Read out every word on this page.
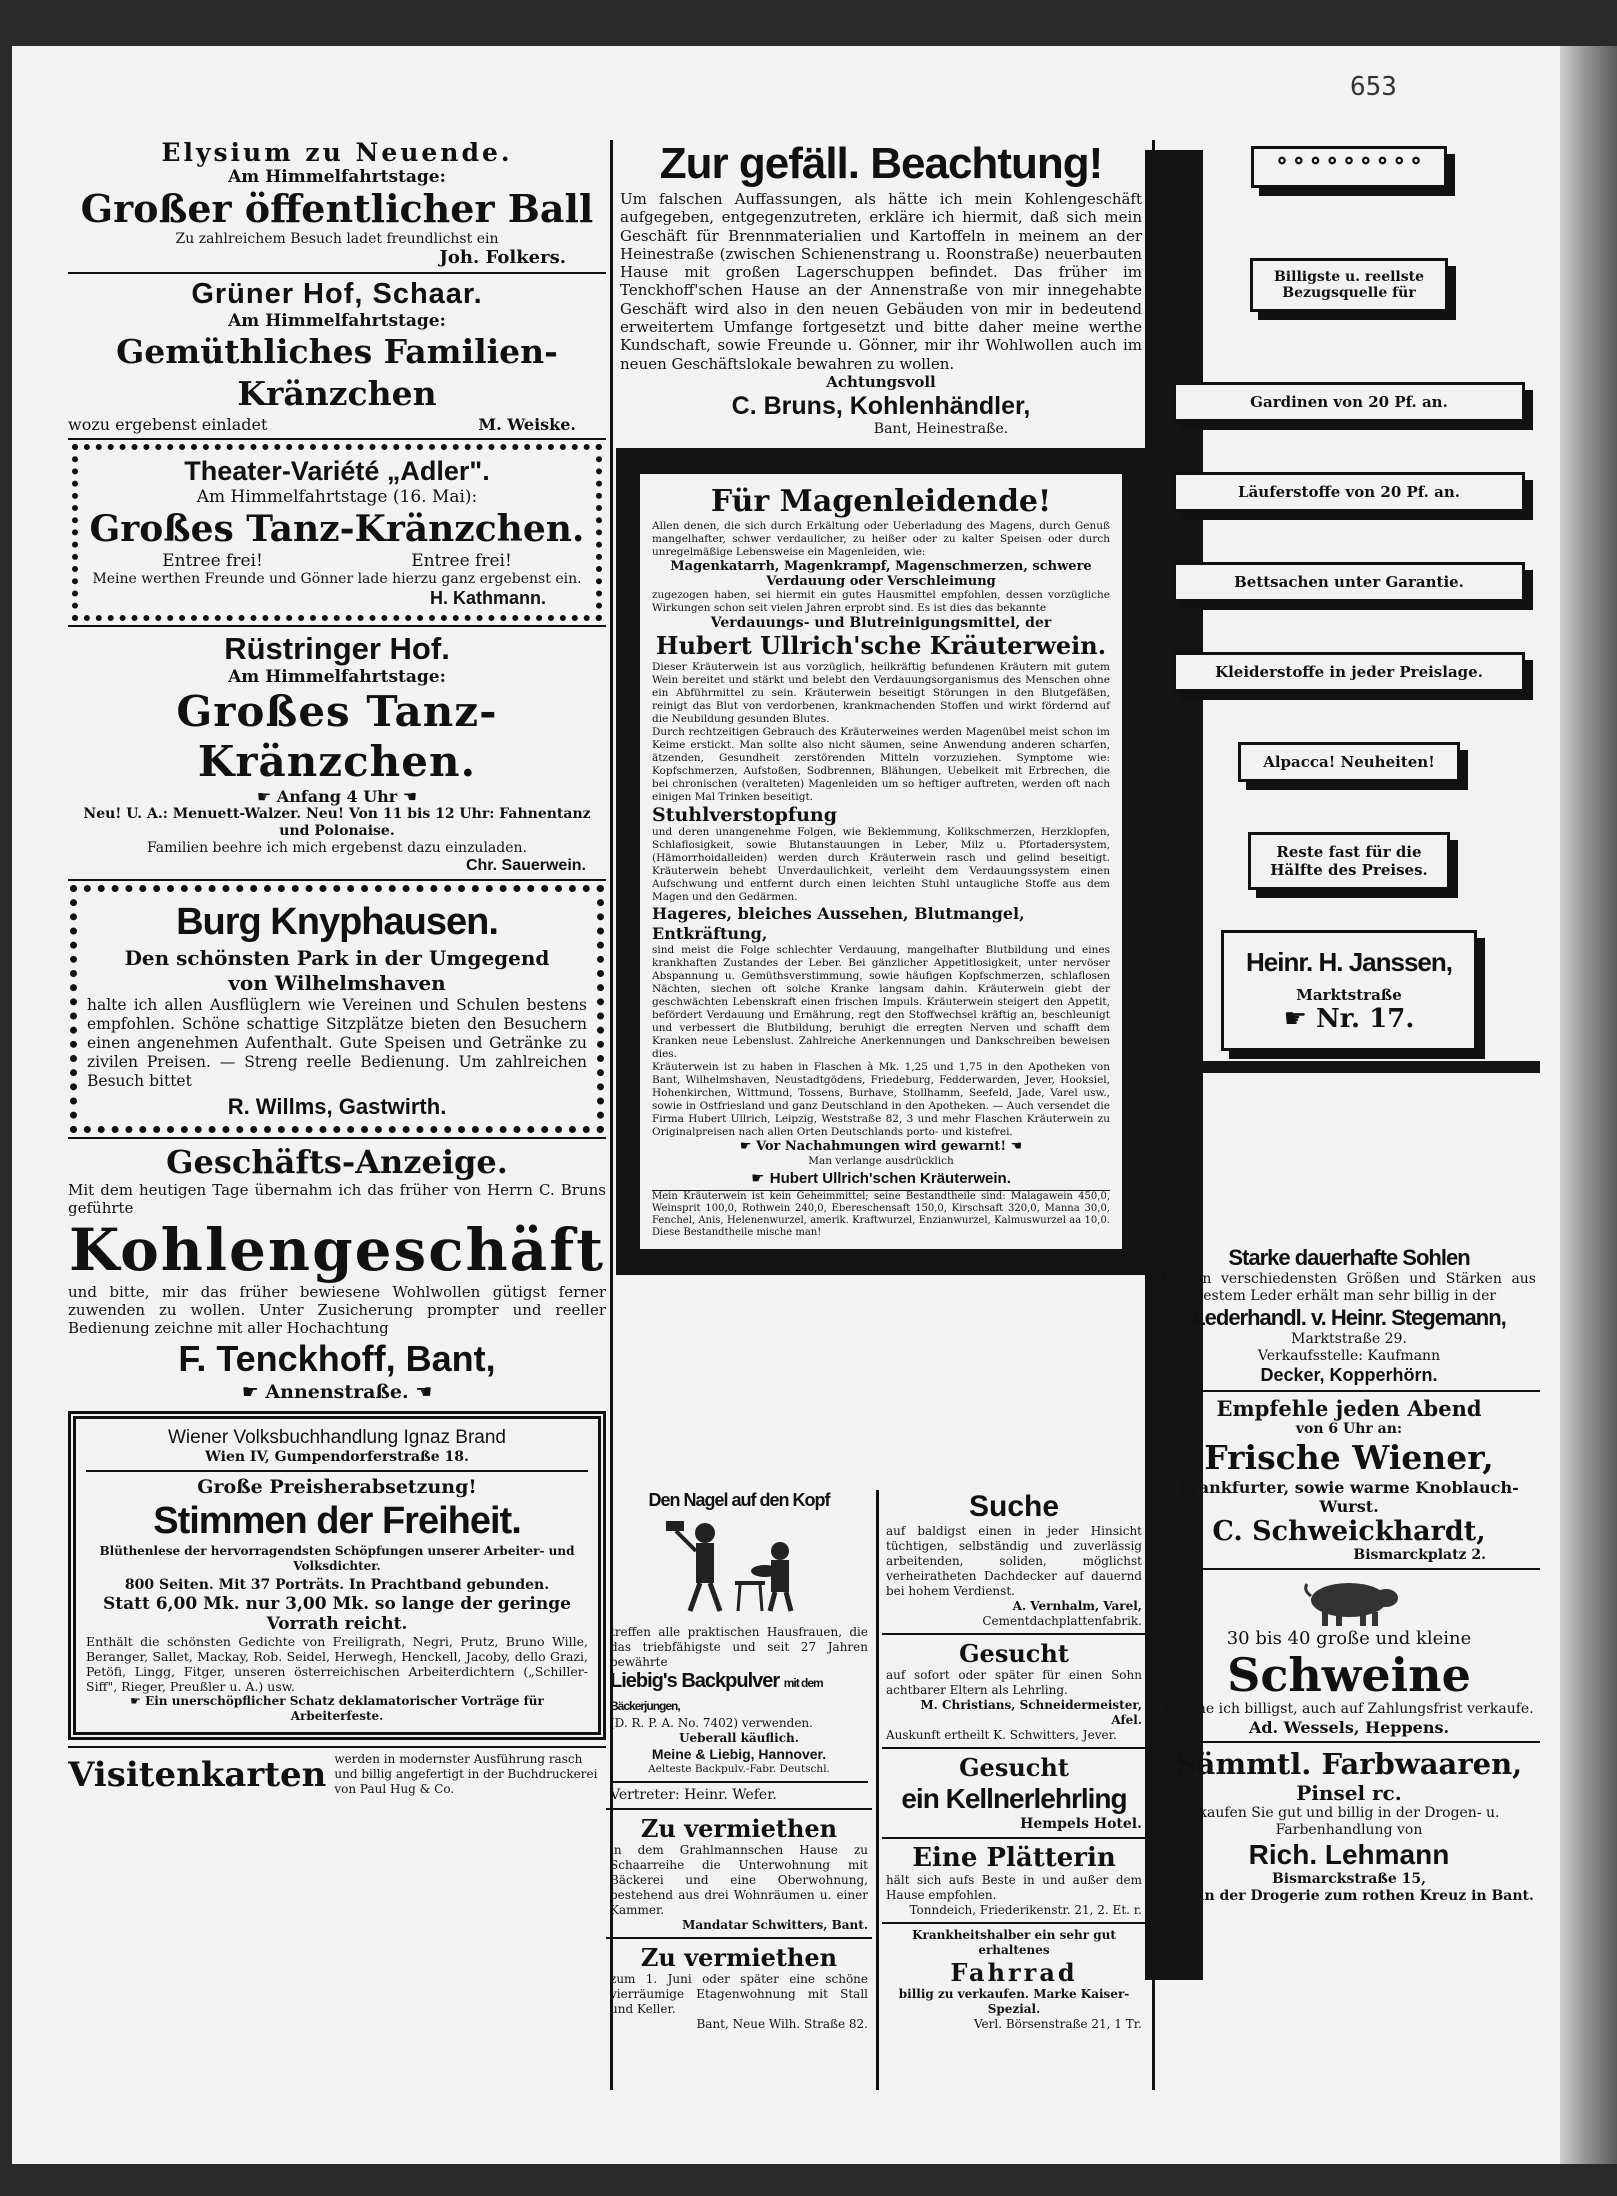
653

Elysium zu Neuende.

Am Himmelfahrtstage:

Großer öffentlicher Ball

Zu zahlreichem Besuch ladet freundlichst ein

Joh. Folkers.

Grüner Hof, Schaar.

Am Himmelfahrtstage:

Gemüthliches Familien-Kränzchen

wozu ergebenst einladet	M. Weiske.

Theater-Variété „Adler".

Am Himmelfahrtstage (16. Mai):

Großes Tanz-Kränzchen.

Entree frei!	Entree frei!

Meine werthen Freunde und Gönner lade hierzu ganz ergebenst ein.

H. Kathmann.

Rüstringer Hof.

Am Himmelfahrtstage:

Großes Tanz-Kränzchen.

☛ Anfang 4 Uhr ☚

Neu! U. A.: Menuett-Walzer. Neu! Von 11 bis 12 Uhr: Fahnentanz und Polonaise.

Familien beehre ich mich ergebenst dazu einzuladen.

Chr. Sauerwein.

Burg Knyphausen.

Den schönsten Park in der Umgegend von Wilhelmshaven

halte ich allen Ausflüglern wie Vereinen und Schulen bestens empfohlen. Schöne schattige Sitzplätze bieten den Besuchern einen angenehmen Aufenthalt. Gute Speisen und Getränke zu zivilen Preisen. — Streng reelle Bedienung. Um zahlreichen Besuch bittet

R. Willms, Gastwirth.

Geschäfts-Anzeige.

Mit dem heutigen Tage übernahm ich das früher von Herrn C. Bruns geführte

Kohlengeschäft

und bitte, mir das früher bewiesene Wohlwollen gütigst ferner zuwenden zu wollen. Unter Zusicherung prompter und reeller Bedienung zeichne mit aller Hochachtung

F. Tenckhoff, Bant,

☛ Annenstraße. ☚

Wiener Volksbuchhandlung Ignaz Brand

Wien IV, Gumpendorferstraße 18.

Große Preisherabsetzung!

Stimmen der Freiheit.

Blüthenlese der hervorragendsten Schöpfungen unserer Arbeiter- und Volksdichter.

800 Seiten. Mit 37 Porträts. In Prachtband gebunden.

Statt 6,00 Mk. nur 3,00 Mk. so lange der geringe Vorrath reicht.

Enthält die schönsten Gedichte von Freiligrath, Negri, Prutz, Bruno Wille, Beranger, Sallet, Mackay, Rob. Seidel, Herwegh, Henckell, Jacoby, dello Grazi, Petöfi, Lingg, Fitger, unseren österreichischen Arbeiterdichtern („Schiller-Siff", Rieger, Preußler u. A.) usw.

☛ Ein unerschöpflicher Schatz deklamatorischer Vorträge für Arbeiterfeste.

Visitenkarten werden in modernster Ausführung rasch und billig angefertigt in der Buchdruckerei von Paul Hug & Co.

Zur gefäll. Beachtung!

Um falschen Auffassungen, als hätte ich mein Kohlengeschäft aufgegeben, entgegenzutreten, erkläre ich hiermit, daß sich mein Geschäft für Brennmaterialien und Kartoffeln in meinem an der Heinestraße (zwischen Schienenstrang u. Roonstraße) neuerbauten Hause mit großen Lagerschuppen befindet. Das früher im Tenckhoff'schen Hause an der Annenstraße von mir innegehabte Geschäft wird also in den neuen Gebäuden von mir in bedeutend erweitertem Umfange fortgesetzt und bitte daher meine werthe Kundschaft, sowie Freunde u. Gönner, mir ihr Wohlwollen auch im neuen Geschäftslokale bewahren zu wollen.

Achtungsvoll

C. Bruns, Kohlenhändler,

Bant, Heinestraße.

Für Magenleidende!

Allen denen, die sich durch Erkältung oder Ueberladung des Magens, durch Genuß mangelhafter, schwer verdaulicher, zu heißer oder zu kalter Speisen oder durch unregelmäßige Lebensweise ein Magenleiden, wie:

Magenkatarrh, Magenkrampf, Magenschmerzen, schwere Verdauung oder Verschleimung

zugezogen haben, sei hiermit ein gutes Hausmittel empfohlen, dessen vorzügliche Wirkungen schon seit vielen Jahren erprobt sind. Es ist dies das bekannte

Verdauungs- und Blutreinigungsmittel, der

Hubert Ullrich'sche Kräuterwein.

Dieser Kräuterwein ist aus vorzüglich, heilkräftig befundenen Kräutern mit gutem Wein bereitet und stärkt und belebt den Verdauungsorganismus des Menschen ohne ein Abführmittel zu sein. Kräuterwein beseitigt Störungen in den Blutgefäßen, reinigt das Blut von verdorbenen, krankmachenden Stoffen und wirkt fördernd auf die Neubildung gesunden Blutes.

Durch rechtzeitigen Gebrauch des Kräuterweines werden Magenübel meist schon im Keime erstickt. Man sollte also nicht säumen, seine Anwendung anderen scharfen, ätzenden, Gesundheit zerstörenden Mitteln vorzuziehen. Symptome wie: Kopfschmerzen, Aufstoßen, Sodbrennen, Blähungen, Uebelkeit mit Erbrechen, die bei chronischen (veralteten) Magenleiden um so heftiger auftreten, werden oft nach einigen Mal Trinken beseitigt.

Stuhlverstopfung

und deren unangenehme Folgen, wie Beklemmung, Kolikschmerzen, Herzklopfen, Schlaflosigkeit, sowie Blutanstauungen in Leber, Milz u. Pfortadersystem, (Hämorrhoidalleiden) werden durch Kräuterwein rasch und gelind beseitigt. Kräuterwein behebt Unverdaulichkeit, verleiht dem Verdauungssystem einen Aufschwung und entfernt durch einen leichten Stuhl untaugliche Stoffe aus dem Magen und den Gedärmen.

Hageres, bleiches Aussehen, Blutmangel, Entkräftung,

sind meist die Folge schlechter Verdauung, mangelhafter Blutbildung und eines krankhaften Zustandes der Leber. Bei gänzlicher Appetitlosigkeit, unter nervöser Abspannung u. Gemüthsverstimmung, sowie häufigen Kopfschmerzen, schlaflosen Nächten, siechen oft solche Kranke langsam dahin. Kräuterwein giebt der geschwächten Lebenskraft einen frischen Impuls. Kräuterwein steigert den Appetit, befördert Verdauung und Ernährung, regt den Stoffwechsel kräftig an, beschleunigt und verbessert die Blutbildung, beruhigt die erregten Nerven und schafft dem Kranken neue Lebenslust. Zahlreiche Anerkennungen und Dankschreiben beweisen dies.

Kräuterwein ist zu haben in Flaschen à Mk. 1,25 und 1,75 in den Apotheken von Bant, Wilhelmshaven, Neustadtgödens, Friedeburg, Fedderwarden, Jever, Hooksiel, Hohenkirchen, Wittmund, Tossens, Burhave, Stollhamm, Seefeld, Jade, Varel usw., sowie in Ostfriesland und ganz Deutschland in den Apotheken. — Auch versendet die Firma Hubert Ullrich, Leipzig, Weststraße 82, 3 und mehr Flaschen Kräuterwein zu Originalpreisen nach allen Orten Deutschlands porto- und kistefrei.

☛ Vor Nachahmungen wird gewarnt! ☚

Man verlange ausdrücklich

☛ Hubert Ullrich'schen Kräuterwein.

Mein Kräuterwein ist kein Geheimmittel; seine Bestandtheile sind: Malagawein 450,0, Weinsprit 100,0, Rothwein 240,0, Ebereschensaft 150,0, Kirschsaft 320,0, Manna 30,0, Fenchel, Anis, Helenenwurzel, amerik. Kraftwurzel, Enzianwurzel, Kalmuswurzel aa 10,0. Diese Bestandtheile mische man!

Den Nagel auf den Kopf

treffen alle praktischen Hausfrauen, die das triebfähigste und seit 27 Jahren bewährte

Liebig's Backpulver mit dem Bäckerjungen,

(D. R. P. A. No. 7402) verwenden.

Ueberall käuflich.

Meine & Liebig, Hannover.

Aelteste Backpulv.-Fabr. Deutschl.

Vertreter: Heinr. Wefer.

Zu vermiethen

in dem Grahlmannschen Hause zu Schaarreihe die Unterwohnung mit Bäckerei und eine Oberwohnung, bestehend aus drei Wohnräumen u. einer Kammer.

Mandatar Schwitters, Bant.

Zu vermiethen

zum 1. Juni oder später eine schöne vierräumige Etagenwohnung mit Stall und Keller.

Bant, Neue Wilh. Straße 82.

Suche

auf baldigst einen in jeder Hinsicht tüchtigen, selbständig und zuverlässig arbeitenden, soliden, möglichst verheiratheten Dachdecker auf dauernd bei hohem Verdienst.

A. Vernhalm, Varel,

Cementdachplattenfabrik.

Gesucht

auf sofort oder später für einen Sohn achtbarer Eltern als Lehrling.

M. Christians, Schneidermeister, Afel.

Auskunft ertheilt K. Schwitters, Jever.

Gesucht

ein Kellnerlehrling

Hempels Hotel.

Eine Plätterin

hält sich aufs Beste in und außer dem Hause empfohlen.

Tonndeich, Friederikenstr. 21, 2. Et. r.

Krankheitshalber ein sehr gut erhaltenes

Fahrrad

billig zu verkaufen. Marke Kaiser-Spezial.

Verl. Börsenstraße 21, 1 Tr.

⚬⚬⚬⚬⚬⚬⚬⚬⚬
Billigste u. reellste Bezugsquelle für
Gardinen von 20 Pf. an.
Läuferstoffe von 20 Pf. an.
Bettsachen unter Garantie.
Kleiderstoffe in jeder Preislage.
Alpacca! Neuheiten!
Reste fast für die Hälfte des Preises.

Heinr. H. Janssen,

Marktstraße

☛ Nr. 17.

Starke dauerhafte Sohlen

in den verschiedensten Größen und Stärken aus allerbestem Leder erhält man sehr billig in der

Lederhandl. v. Heinr. Stegemann,

Marktstraße 29.

Verkaufsstelle: Kaufmann

Decker, Kopperhörn.

Empfehle jeden Abend

von 6 Uhr an:

Frische Wiener,

Frankfurter, sowie warme Knoblauch-Wurst.

C. Schweickhardt,

Bismarckplatz 2.

30 bis 40 große und kleine

Schweine

welche ich billigst, auch auf Zahlungsfrist verkaufe.

Ad. Wessels, Heppens.

Sämmtl. Farbwaaren,

Pinsel rc.

kaufen Sie gut und billig in der Drogen- u. Farbenhandlung von

Rich. Lehmann

Bismarckstraße 15,

und in der Drogerie zum rothen Kreuz in Bant.
